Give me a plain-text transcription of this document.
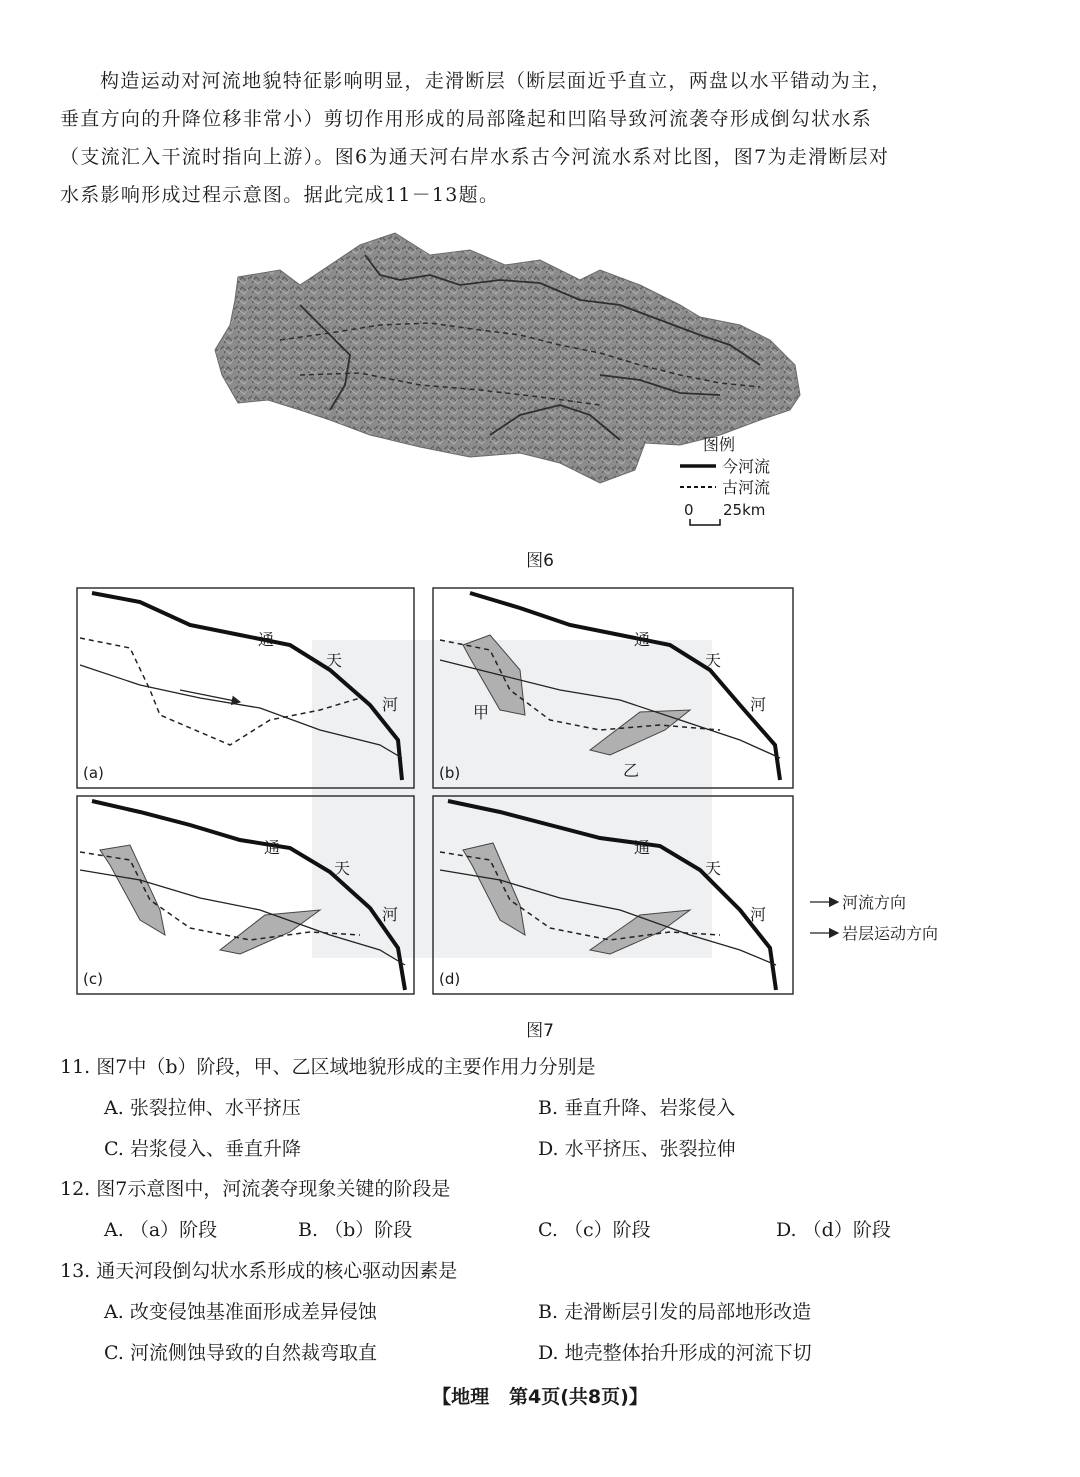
构造运动对河流地貌特征影响明显，走滑断层（断层面近乎直立，两盘以水平错动为主，

垂直方向的升降位移非常小）剪切作用形成的局部隆起和凹陷导致河流袭夺形成倒勾状水系

（支流汇入干流时指向上游）。图6为通天河右岸水系古今河流水系对比图，图7为走滑断层对

水系影响形成过程示意图。据此完成11－13题。

图例
今河流
古河流
0 25km
图6
(a)
通
天
河
(b)
通
天
河
甲
乙
(c)
通
天
河
(d)
通
天
河
河流方向
岩层运动方向
图7
11. 图7中（b）阶段，甲、乙区域地貌形成的主要作用力分别是
A. 张裂拉伸、水平挤压	B. 垂直升降、岩浆侵入
C. 岩浆侵入、垂直升降	D. 水平挤压、张裂拉伸
12. 图7示意图中，河流袭夺现象关键的阶段是
A. （a）阶段	B. （b）阶段	C. （c）阶段	D. （d）阶段
13. 通天河段倒勾状水系形成的核心驱动因素是
A. 改变侵蚀基准面形成差异侵蚀	B. 走滑断层引发的局部地形改造
C. 河流侧蚀导致的自然裁弯取直	D. 地壳整体抬升形成的河流下切
【地理 第4页(共8页)】
